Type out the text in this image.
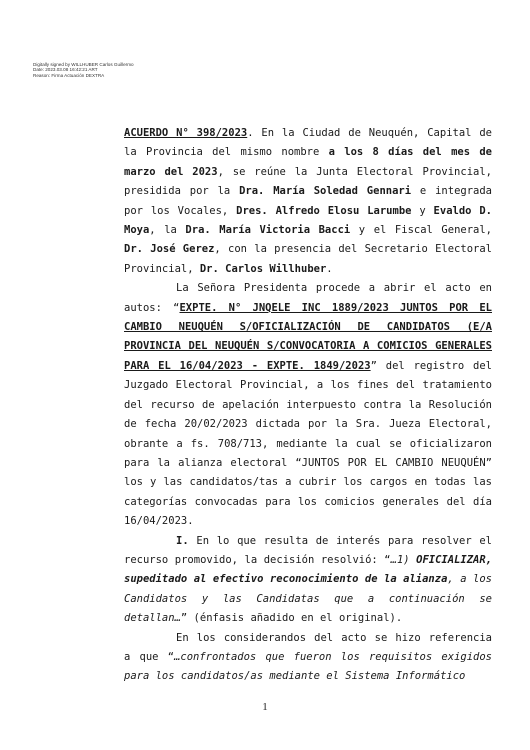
Digitally signed by WILLHUBER Carlos Guillermo
Date: 2023.03.08 16:42:21 ART
Reason: Firma Actuación DEXTRA

ACUERDO N° 398/2023. En la Ciudad de Neuquén, Capital de la Provincia del mismo nombre a los 8 días del mes de marzo del 2023, se reúne la Junta Electoral Provincial, presidida por la Dra. María Soledad Gennari e integrada por los Vocales, Dres. Alfredo Elosu Larumbe y Evaldo D. Moya, la Dra. María Victoria Bacci y el Fiscal General, Dr. José Gerez, con la presencia del Secretario Electoral Provincial, Dr. Carlos Willhuber.

La Señora Presidenta procede a abrir el acto en autos: “EXPTE. N° JNQELE INC 1889/2023 JUNTOS POR EL CAMBIO NEUQUÉN S/OFICIALIZACIÓN DE CANDIDATOS (E/A PROVINCIA DEL NEUQUÉN S/CONVOCATORIA A COMICIOS GENERALES PARA EL 16/04/2023 - EXPTE. 1849/2023” del registro del Juzgado Electoral Provincial, a los fines del tratamiento del recurso de apelación interpuesto contra la Resolución de fecha 20/02/2023 dictada por la Sra. Jueza Electoral, obrante a fs. 708/713, mediante la cual se oficializaron para la alianza electoral “JUNTOS POR EL CAMBIO NEUQUÉN” los y las candidatos/tas a cubrir los cargos en todas las categorías convocadas para los comicios generales del día 16/04/2023.

I. En lo que resulta de interés para resolver el recurso promovido, la decisión resolvió: “…1) OFICIALIZAR, supeditado al efectivo reconocimiento de la alianza, a los Candidatos y las Candidatas que a continuación se detallan…” (énfasis añadido en el original).

En los considerandos del acto se hizo referencia a que “…confrontados que fueron los requisitos exigidos para los candidatos/as mediante el Sistema Informático

1
